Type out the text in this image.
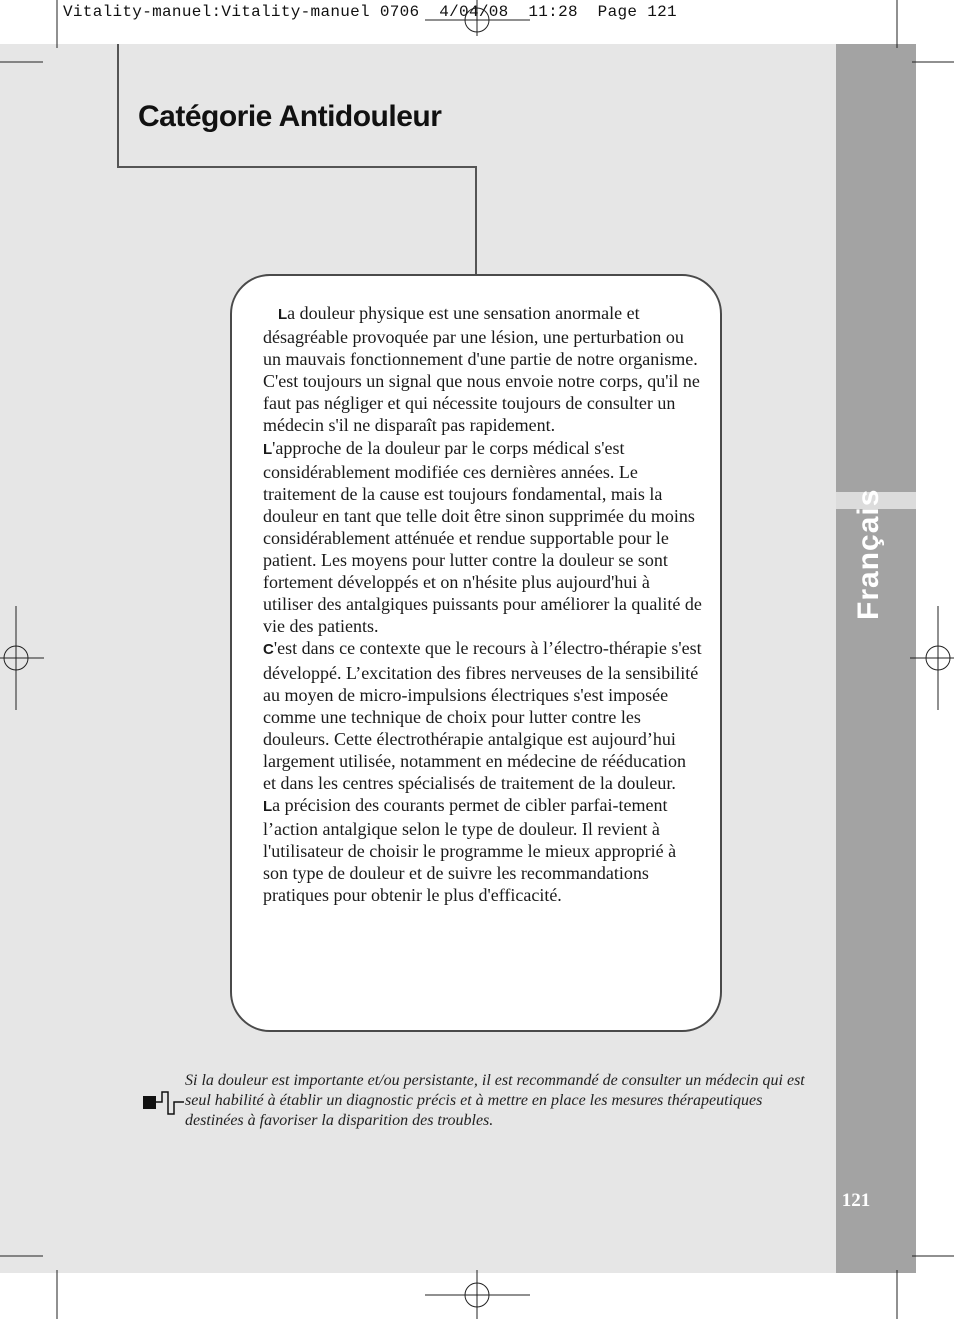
Français
121
Vitality-manuel:Vitality-manuel 0706  4/04/08  11:28  Page 121
Catégorie Antidouleur

La douleur physique est une sensation anormale et désagréable provoquée par une lésion, une perturbation ou un mauvais fonctionnement d'une partie de notre organisme. C'est toujours un signal que nous envoie notre corps, qu'il ne faut pas négliger et qui nécessite toujours de consulter un médecin s'il ne disparaît pas rapidement.

L'approche de la douleur par le corps médical s'est considérablement modifiée ces dernières années. Le traitement de la cause est toujours fondamental, mais la douleur en tant que telle doit être sinon supprimée du moins considérablement atténuée et rendue supportable pour le patient. Les moyens pour lutter contre la douleur se sont fortement développés et on n'hésite plus aujourd'hui à utiliser des antalgiques puissants pour améliorer la qualité de vie des patients.

C'est dans ce contexte que le recours à l’électro-thérapie s'est développé. L’excitation des fibres nerveuses de la sensibilité au moyen de micro-impulsions électriques s'est imposée comme une technique de choix pour lutter contre les douleurs. Cette électrothérapie antalgique est aujourd’hui largement utilisée, notamment en médecine de rééducation et dans les centres spécialisés de traitement de la douleur.

La précision des courants permet de cibler parfai-tement l’action antalgique selon le type de douleur. Il revient à l'utilisateur de choisir le programme le mieux approprié à son type de douleur et de suivre les recommandations pratiques pour obtenir le plus d'efficacité.

Si la douleur est importante et/ou persistante, il est recommandé de consulter un médecin qui est seul habilité à établir un diagnostic précis et à mettre en place les mesures thérapeutiques destinées à favoriser la disparition des troubles.
